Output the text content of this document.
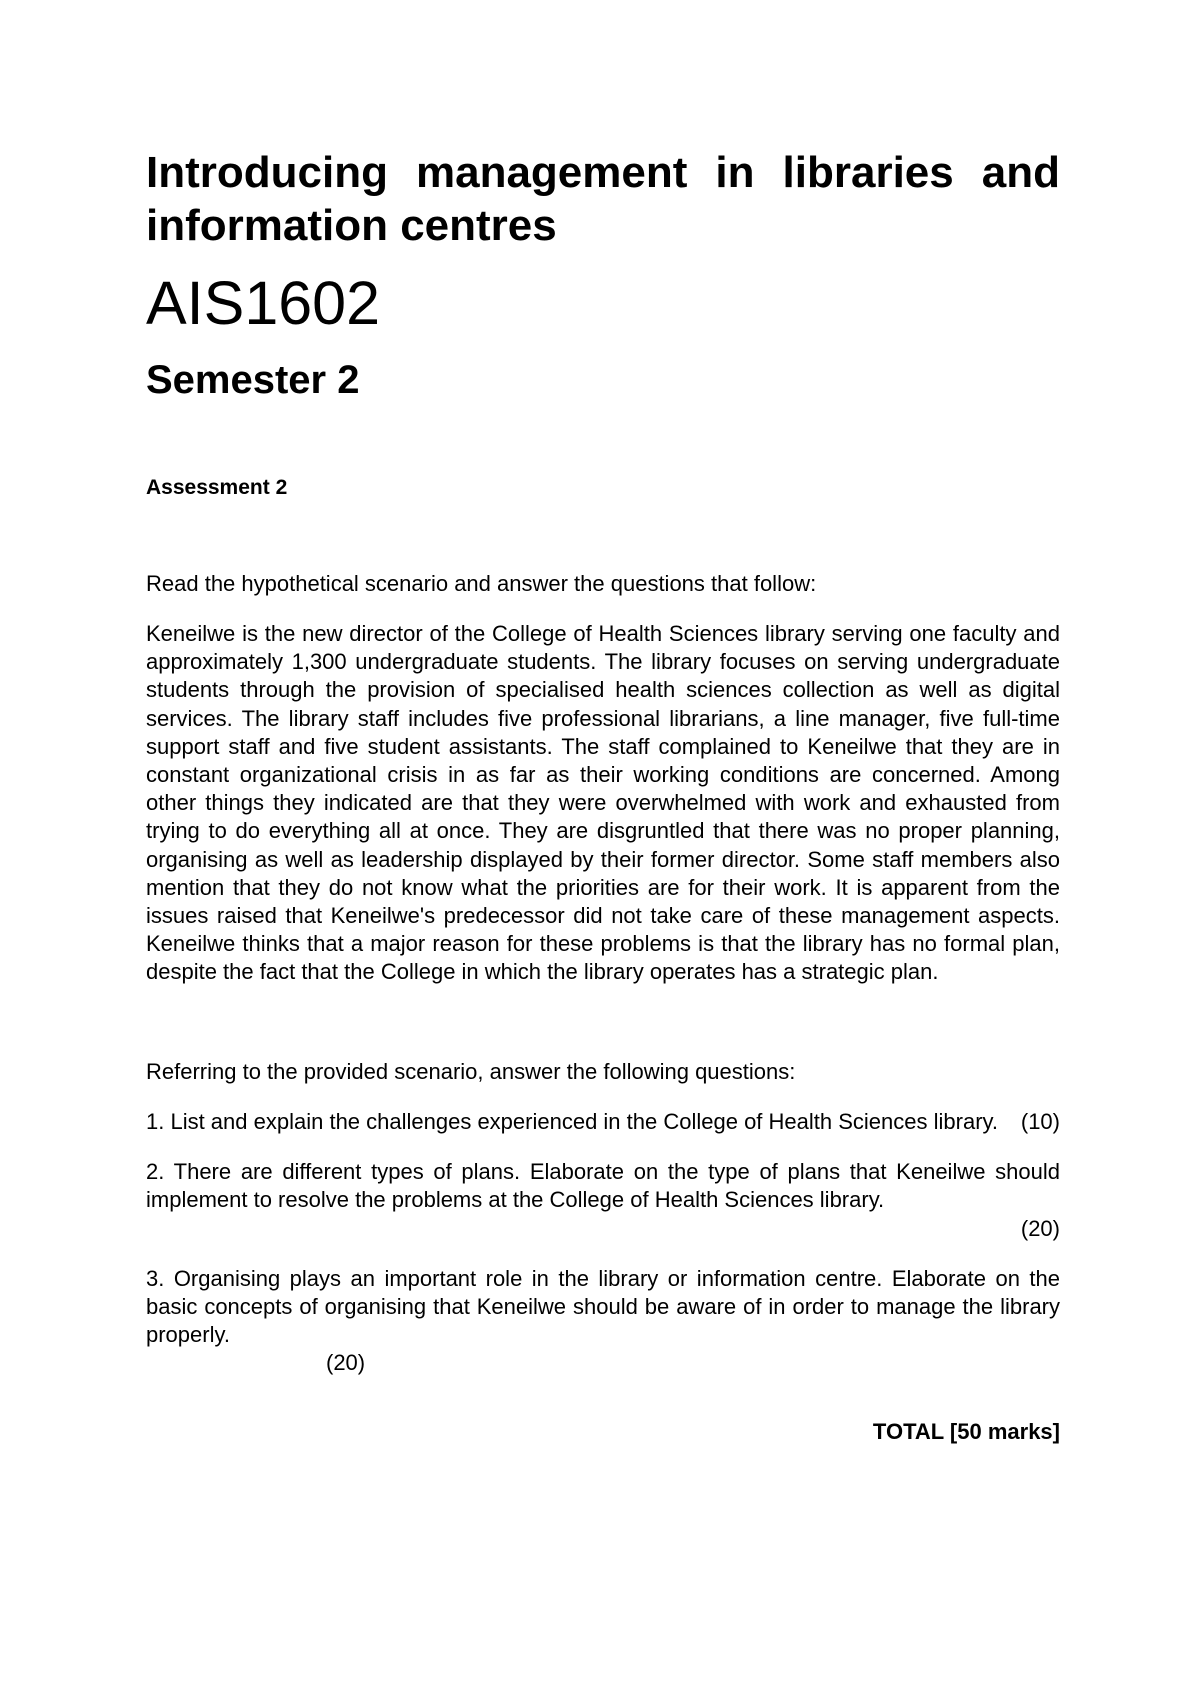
Introducing management in libraries and information centres
AIS1602
Semester 2
Assessment 2

Read the hypothetical scenario and answer the questions that follow:

Keneilwe is the new director of the College of Health Sciences library serving one faculty and approximately 1,300 undergraduate students. The library focuses on serving undergraduate students through the provision of specialised health sciences collection as well as digital services. The library staff includes five professional librarians, a line manager, five full-time support staff and five student assistants. The staff complained to Keneilwe that they are in constant organizational crisis in as far as their working conditions are concerned. Among other things they indicated are that they were overwhelmed with work and exhausted from trying to do everything all at once. They are disgruntled that there was no proper planning, organising as well as leadership displayed by their former director. Some staff members also mention that they do not know what the priorities are for their work. It is apparent from the issues raised that Keneilwe's predecessor did not take care of these management aspects. Keneilwe thinks that a major reason for these problems is that the library has no formal plan, despite the fact that the College in which the library operates has a strategic plan.

Referring to the provided scenario, answer the following questions:

1. List and explain the challenges experienced in the College of Health Sciences library. (10)
2. There are different types of plans. Elaborate on the type of plans that Keneilwe should implement to resolve the problems at the College of Health Sciences library.
(20)
3. Organising plays an important role in the library or information centre. Elaborate on the basic concepts of organising that Keneilwe should be aware of in order to manage the library properly.
(20)

TOTAL [50 marks]
